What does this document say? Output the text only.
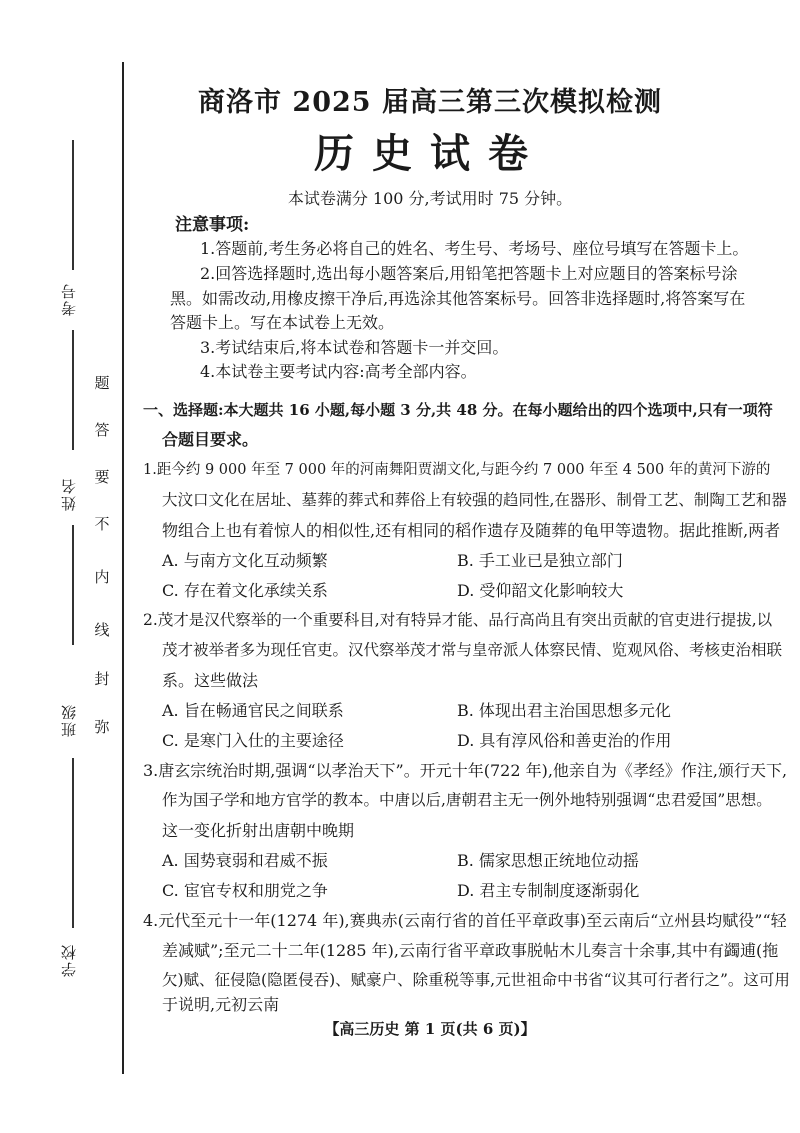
考号
姓名
班级
学校
题
答
要
不
内
线
封
弥
商洛市 2025 届高三第三次模拟检测
历史试卷
本试卷满分 100 分,考试用时 75 分钟。
注意事项:
1.答题前,考生务必将自己的姓名、考生号、考场号、座位号填写在答题卡上。
2.回答选择题时,选出每小题答案后,用铅笔把答题卡上对应题目的答案标号涂
黑。如需改动,用橡皮擦干净后,再选涂其他答案标号。回答非选择题时,将答案写在
答题卡上。写在本试卷上无效。
3.考试结束后,将本试卷和答题卡一并交回。
4.本试卷主要考试内容:高考全部内容。
一、选择题:本大题共 16 小题,每小题 3 分,共 48 分。在每小题给出的四个选项中,只有一项符
合题目要求。
1.距今约 9 000 年至 7 000 年的河南舞阳贾湖文化,与距今约 7 000 年至 4 500 年的黄河下游的
大汶口文化在居址、墓葬的葬式和葬俗上有较强的趋同性,在器形、制骨工艺、制陶工艺和器
物组合上也有着惊人的相似性,还有相同的稻作遗存及随葬的龟甲等遗物。据此推断,两者
A. 与南方文化互动频繁	B. 手工业已是独立部门
C. 存在着文化承续关系	D. 受仰韶文化影响较大
2.茂才是汉代察举的一个重要科目,对有特异才能、品行高尚且有突出贡献的官吏进行提拔,以
茂才被举者多为现任官吏。汉代察举茂才常与皇帝派人体察民情、览观风俗、考核吏治相联
系。这些做法
A. 旨在畅通官民之间联系	B. 体现出君主治国思想多元化
C. 是寒门入仕的主要途径	D. 具有淳风俗和善吏治的作用
3.唐玄宗统治时期,强调“以孝治天下”。开元十年(722 年),他亲自为《孝经》作注,颁行天下,
作为国子学和地方官学的教本。中唐以后,唐朝君主无一例外地特别强调“忠君爱国”思想。
这一变化折射出唐朝中晚期
A. 国势衰弱和君威不振	B. 儒家思想正统地位动摇
C. 宦官专权和朋党之争	D. 君主专制制度逐渐弱化
4.元代至元十一年(1274 年),赛典赤(云南行省的首任平章政事)至云南后“立州县均赋役”“轻
差减赋”;至元二十二年(1285 年),云南行省平章政事脱帖木儿奏言十余事,其中有蠲逋(拖
欠)赋、征侵隐(隐匿侵吞)、赋豪户、除重税等事,元世祖命中书省“议其可行者行之”。这可用
于说明,元初云南
【高三历史 第 1 页(共 6 页)】
